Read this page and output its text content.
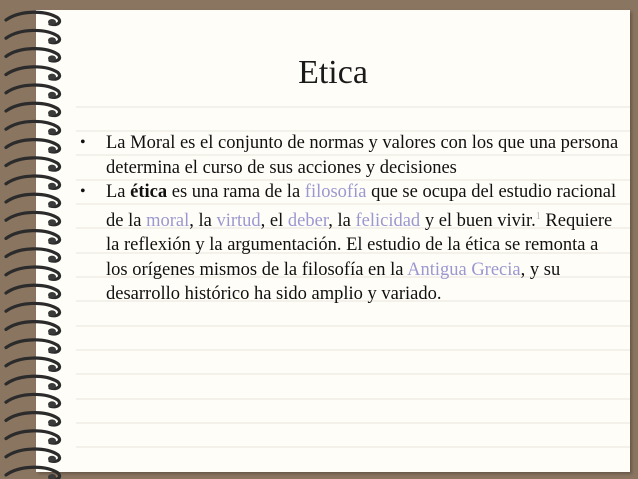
Etica
• La Moral es el conjunto de normas y valores con los que una persona determina el curso de sus acciones y decisiones
• La ética es una rama de la filosofía que se ocupa del estudio racional de la moral, la virtud, el deber, la felicidad y el buen vivir.$^1$ Requiere la reflexión y la argumentación. El estudio de la ética se remonta a los orígenes mismos de la filosofía en la Antigua Grecia, y su desarrollo histórico ha sido amplio y variado.
